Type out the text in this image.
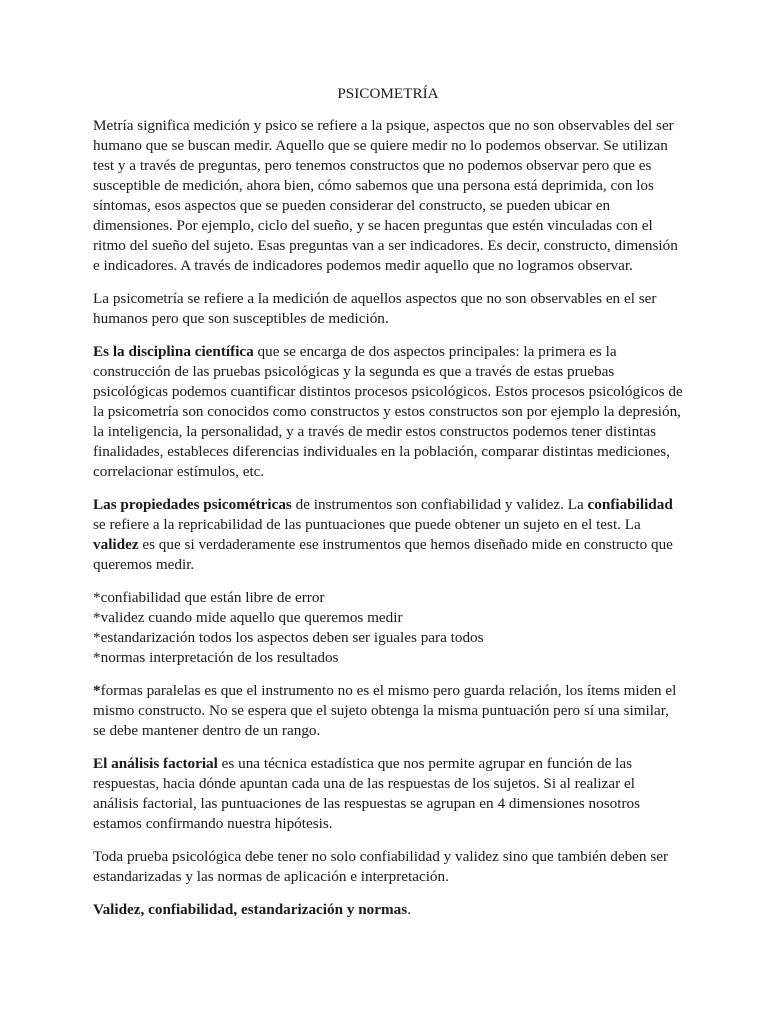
PSICOMETRÍA

Metría significa medición y psico se refiere a la psique, aspectos que no son observables del ser humano que se buscan medir. Aquello que se quiere medir no lo podemos observar. Se utilizan test y a través de preguntas, pero tenemos constructos que no podemos observar pero que es susceptible de medición, ahora bien, cómo sabemos que una persona está deprimida, con los síntomas, esos aspectos que se pueden considerar del constructo, se pueden ubicar en dimensiones. Por ejemplo, ciclo del sueño, y se hacen preguntas que estén vinculadas con el ritmo del sueño del sujeto. Esas preguntas van a ser indicadores. Es decir, constructo, dimensión e indicadores. A través de indicadores podemos medir aquello que no logramos observar.

La psicometría se refiere a la medición de aquellos aspectos que no son observables en el ser humanos pero que son susceptibles de medición.

Es la disciplina científica que se encarga de dos aspectos principales: la primera es la construcción de las pruebas psicológicas y la segunda es que a través de estas pruebas psicológicas podemos cuantificar distintos procesos psicológicos. Estos procesos psicológicos de la psicometría son conocidos como constructos y estos constructos son por ejemplo la depresión, la inteligencia, la personalidad, y a través de medir estos constructos podemos tener distintas finalidades, estableces diferencias individuales en la población, comparar distintas mediciones, correlacionar estímulos, etc.

Las propiedades psicométricas de instrumentos son confiabilidad y validez. La confiabilidad se refiere a la repricabilidad de las puntuaciones que puede obtener un sujeto en el test. La validez es que si verdaderamente ese instrumentos que hemos diseñado mide en constructo que queremos medir.

*confiabilidad que están libre de error
*validez cuando mide aquello que queremos medir
*estandarización todos los aspectos deben ser iguales para todos
*normas interpretación de los resultados

*formas paralelas es que el instrumento no es el mismo pero guarda relación, los ítems miden el mismo constructo. No se espera que el sujeto obtenga la misma puntuación pero sí una similar, se debe mantener dentro de un rango.

El análisis factorial es una técnica estadística que nos permite agrupar en función de las respuestas, hacia dónde apuntan cada una de las respuestas de los sujetos. Si al realizar el análisis factorial, las puntuaciones de las respuestas se agrupan en 4 dimensiones nosotros estamos confirmando nuestra hipótesis.

Toda prueba psicológica debe tener no solo confiabilidad y validez sino que también deben ser estandarizadas y las normas de aplicación e interpretación.

Validez, confiabilidad, estandarización y normas.
